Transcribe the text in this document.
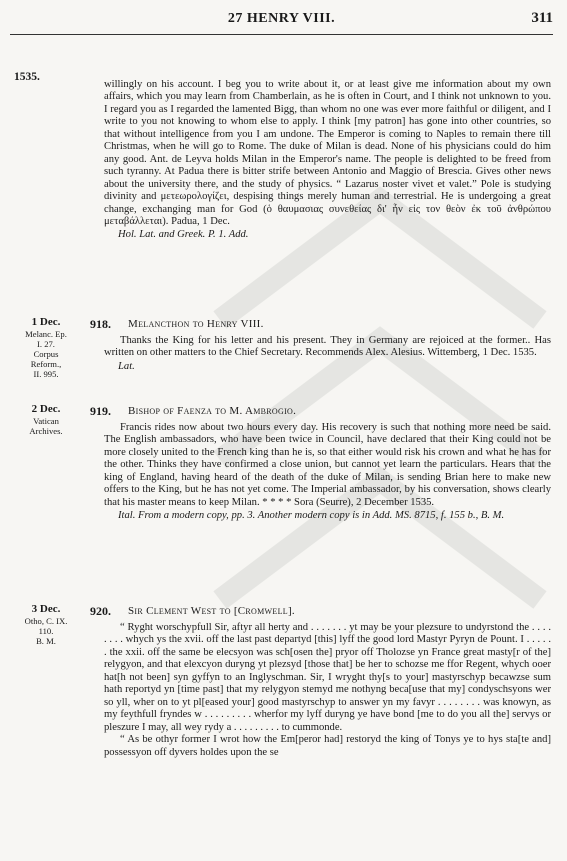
27 HENRY VIII.	311
1535.

willingly on his account. I beg you to write about it, or at least give me information about my own affairs, which you may learn from Chamberlain, as he is often in Court, and I think not unknown to you. I regard you as I regarded the lamented Bigg, than whom no one was ever more faithful or diligent, and I write to you not knowing to whom else to apply. I think [my patron] has gone into other countries, so that without intelligence from you I am undone. The Emperor is coming to Naples to remain there till Christmas, when he will go to Rome. The duke of Milan is dead. None of his physicians could do him any good. Ant. de Leyva holds Milan in the Emperor's name. The people is delighted to be freed from such tyranny. At Padua there is bitter strife between Antonio and Maggio of Brescia. Gives other news about the university there, and the study of physics. “ Lazarus noster vivet et valet.” Pole is studying divinity and μετεωρολογίζει, despising things merely human and terrestrial. He is undergoing a great change, exchanging man for God (ὁ θαυμασιας συνεθείας δι' ἧν εἰς τον θεὸν ἐκ τοῦ ἀνθρώπου μεταβάλλεται). Padua, 1 Dec.

Hol. Lat. and Greek. P. 1. Add.
1 Dec.
Melanc. Ep.
I. 27.
Corpus
Reform.,
II. 995.
918. Melancthon to Henry VIII.

Thanks the King for his letter and his present. They in Germany are rejoiced at the former.. Has written on other matters to the Chief Secretary. Recommends Alex. Alesius. Wittemberg, 1 Dec. 1535.

Lat.
2 Dec.
Vatican
Archives.
919. Bishop of Faenza to M. Ambrogio.

Francis rides now about two hours every day. His recovery is such that nothing more need be said. The English ambassadors, who have been twice in Council, have declared that their King could not be more closely united to the French king than he is, so that either would risk his crown and what he has for the other. Thinks they have confirmed a close union, but cannot yet learn the particulars. Hears that the king of England, having heard of the death of the duke of Milan, is sending Brian here to make new offers to the King, but he has not yet come. The Imperial ambassador, by his conversation, shows clearly that his master means to keep Milan. * * * * Sora (Seurre), 2 December 1535.

Ital. From a modern copy, pp. 3. Another modern copy is in Add. MS. 8715, f. 155 b., B. M.
3 Dec.
Otho, C. IX.
110.
B. M.
920. Sir Clement West to [Cromwell].

“ Ryght worschypfull Sir, aftyr all herty and . . . . . . . yt may be your plezsure to undyrstond the . . . . . . . . whych ys the xvii. off the last past departyd [this] lyff the good lord Mastyr Pyryn de Pount. I . . . . . . the xxii. off the same be elecsyon was sch[osen the] pryor off Tholozse yn France great masty[r of the] relygyon, and that elexcyon duryng yt plezsyd [those that] be her to schozse me ffor Regent, whych ooer hat[h not been] syn gyffyn to an Inglyschman. Sir, I wryght thy[s to your] mastyrschyp becawzse sum hath reportyd yn [time past] that my relygyon stemyd me nothyng beca[use that my] condyschsyons wer so yll, wher on to yt pl[eased your] good mastyrschyp to answer yn my favyr . . . . . . . . was knowyn, as my feythfull fryndes w . . . . . . . . . wherfor my lyff duryng ye have bond [me to do you all the] servys or pleszure I may, all wey rydy a . . . . . . . . . to cummonde.

“ As be othyr former I wrot how the Em[peror had] restoryd the king of Tonys ye to hys sta[te and] possessyon off dyvers holdes upon the se
